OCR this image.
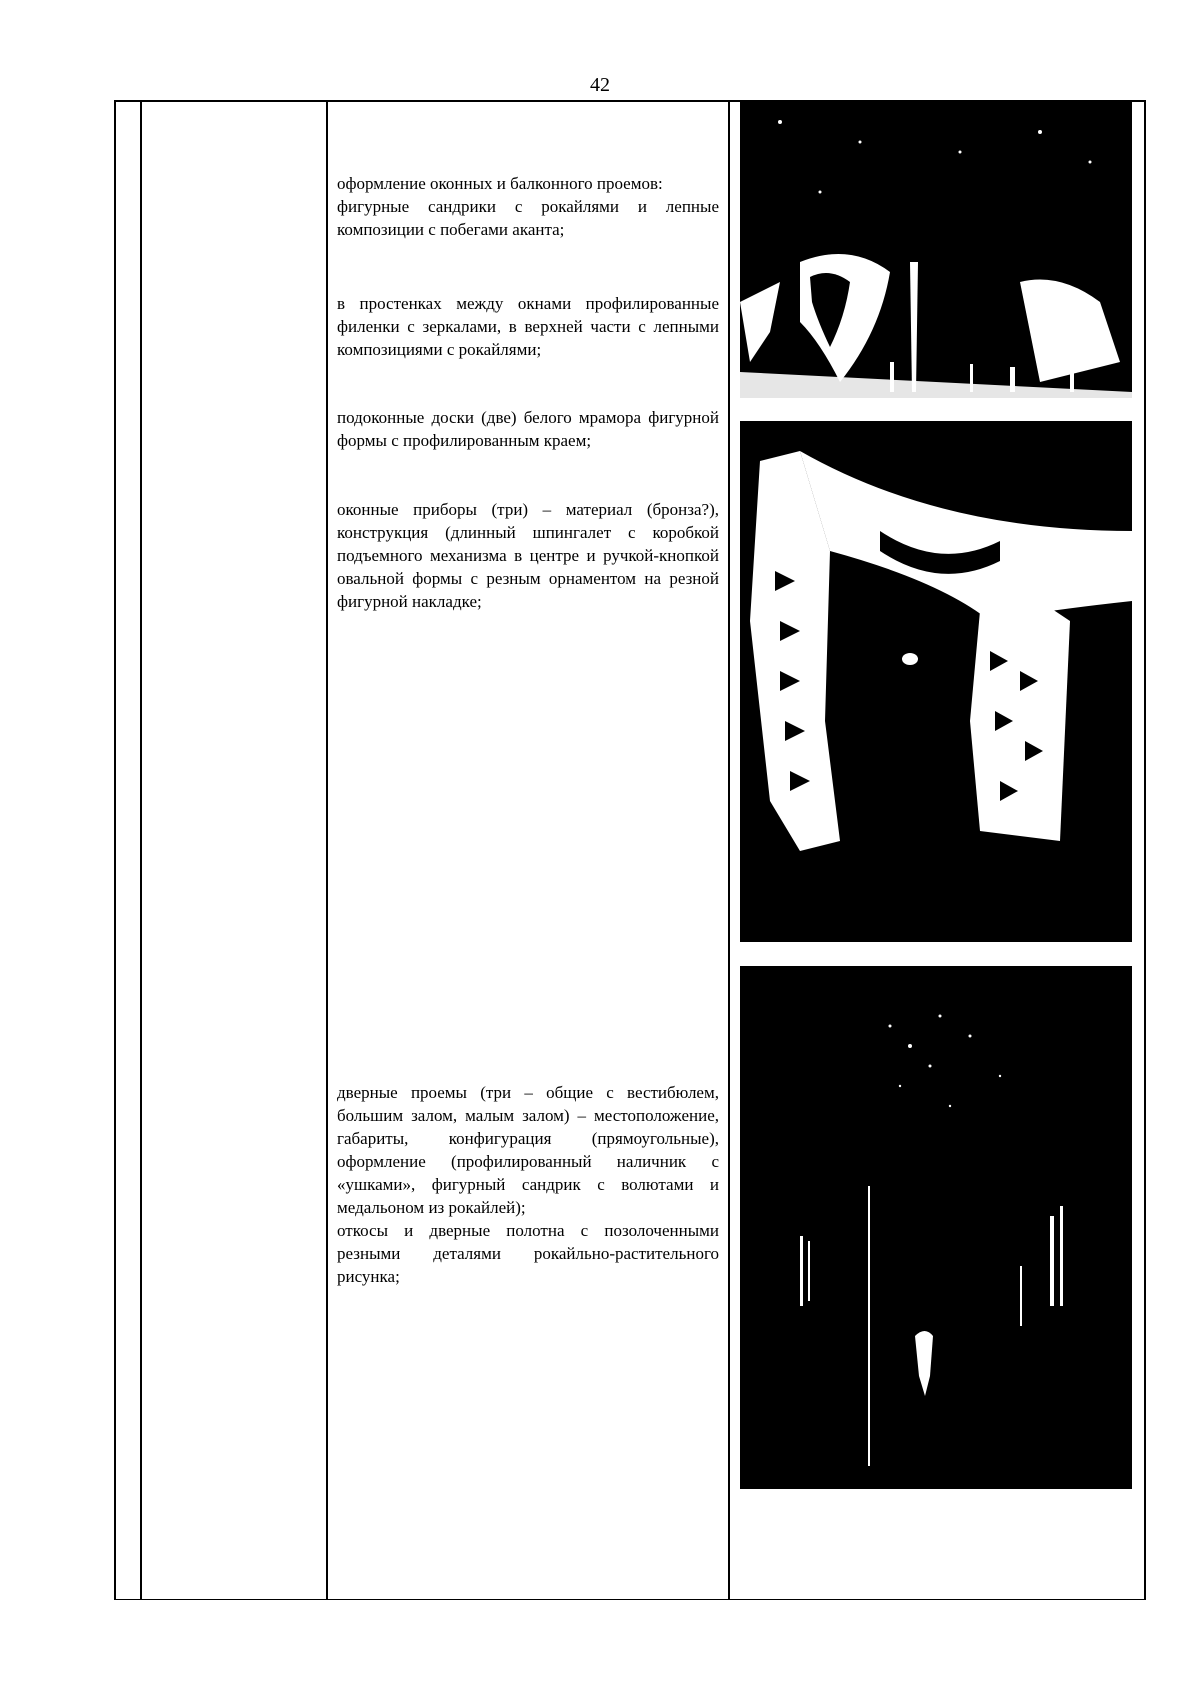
42

оформление оконных и балконного проемов:

фигурные сандрики с рокайлями и лепные композиции с побегами аканта;

в простенках между окнами профилированные филенки с зеркалами, в верхней части с лепными композициями с рокайлями;

подоконные доски (две) белого мрамора фигурной формы с профилированным краем;

оконные приборы (три) – материал (бронза?), конструкция (длинный шпингалет с коробкой подъемного механизма в центре и ручкой-кнопкой овальной формы с резным орнаментом на резной фигурной накладке;

дверные проемы (три – общие с вестибюлем, большим залом, малым залом) – местоположение, габариты, конфигурация (прямоугольные), оформление (профилированный наличник с «ушками», фигурный сандрик с волютами и медальоном из рокайлей);

откосы и дверные полотна с позолоченными резными деталями рокайльно-растительного рисунка;
